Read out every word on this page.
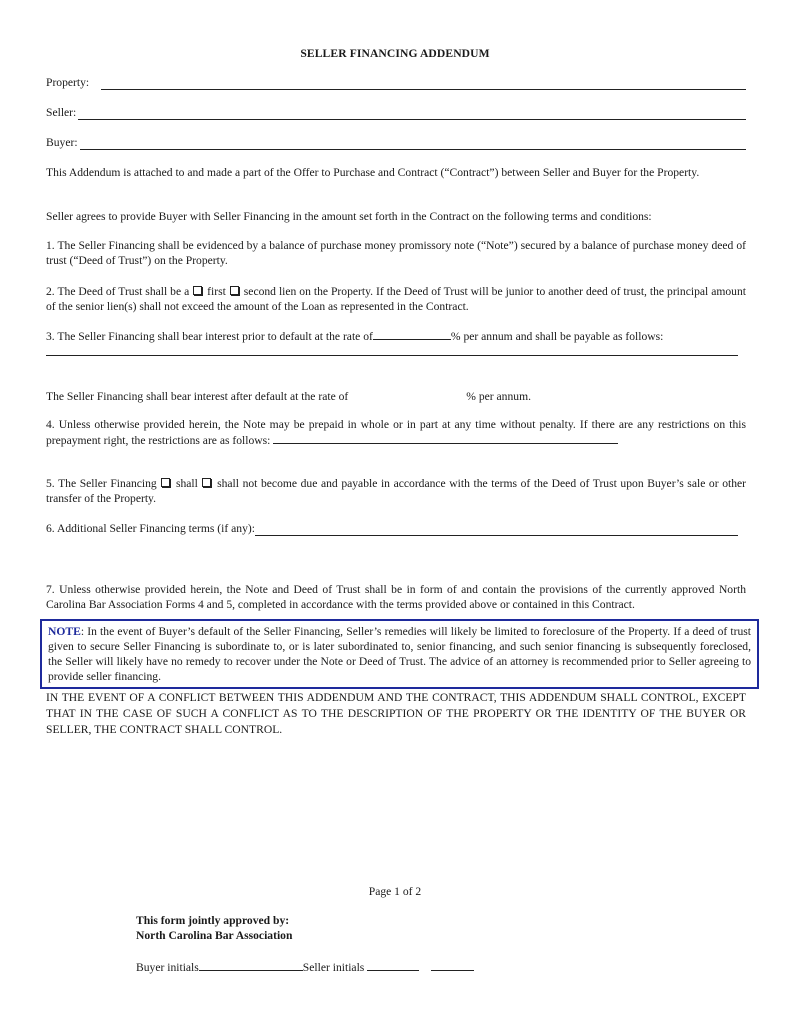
SELLER FINANCING ADDENDUM
Property:
Seller:
Buyer:
This Addendum is attached to and made a part of the Offer to Purchase and Contract (“Contract”) between Seller and Buyer for the Property.
Seller agrees to provide Buyer with Seller Financing in the amount set forth in the Contract on the following terms and conditions:
1. The Seller Financing shall be evidenced by a balance of purchase money promissory note (“Note”) secured by a balance of purchase money deed of trust (“Deed of Trust”) on the Property.
2. The Deed of Trust shall be a first second lien on the Property. If the Deed of Trust will be junior to another deed of trust, the principal amount of the senior lien(s) shall not exceed the amount of the Loan as represented in the Contract.
3. The Seller Financing shall bear interest prior to default at the rate of	% per annum and shall be payable as follows:
The Seller Financing shall bear interest after default at the rate of	% per annum.
4. Unless otherwise provided herein, the Note may be prepaid in whole or in part at any time without penalty. If there are any restrictions on this prepayment right, the restrictions are as follows:
5. The Seller Financing shall shall not become due and payable in accordance with the terms of the Deed of Trust upon Buyer’s sale or other transfer of the Property.
6. Additional Seller Financing terms (if any):
7. Unless otherwise provided herein, the Note and Deed of Trust shall be in form of and contain the provisions of the currently approved North Carolina Bar Association Forms 4 and 5, completed in accordance with the terms provided above or contained in this Contract.
NOTE: In the event of Buyer’s default of the Seller Financing, Seller’s remedies will likely be limited to foreclosure of the Property. If a deed of trust given to secure Seller Financing is subordinate to, or is later subordinated to, senior financing, and such senior financing is subsequently foreclosed, the Seller will likely have no remedy to recover under the Note or Deed of Trust. The advice of an attorney is recommended prior to Seller agreeing to provide seller financing.
IN THE EVENT OF A CONFLICT BETWEEN THIS ADDENDUM AND THE CONTRACT, THIS ADDENDUM SHALL CONTROL, EXCEPT THAT IN THE CASE OF SUCH A CONFLICT AS TO THE DESCRIPTION OF THE PROPERTY OR THE IDENTITY OF THE BUYER OR SELLER, THE CONTRACT SHALL CONTROL.
Page 1 of 2
This form jointly approved by:
North Carolina Bar Association
Buyer initials	Seller initials
